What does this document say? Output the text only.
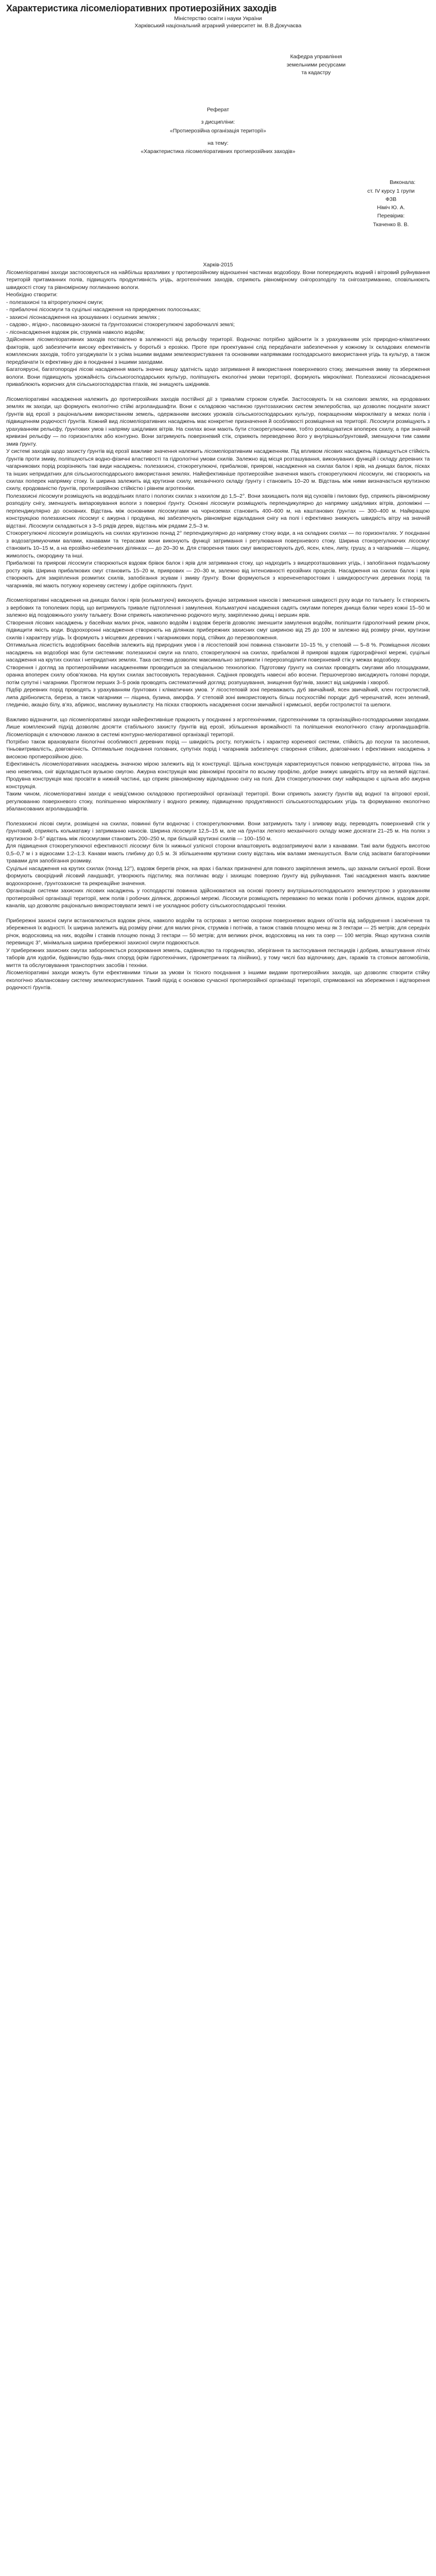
Характеристика лісомеліоративних протиерозійних заходів

Міністерство освіти і науки України

Харківський національний аграрний університет ім. В.В.Докучаєва

Кафедра управління
земельними ресурсами
та кадастру
Реферат
з дисципліни:
«Протиерозійна організація території»
на тему:
«Характеристика лісомеліоративних протиерозійних заходів»
Виконала:
ст. IV курсу 1 групи ФЗВ
Німіч Ю. А.
Перевірив:
Ткаченко В. В.

Харків-2015

Лісомеліоративні заходи застосовуються на найбільш вразливих у протиерозійному відношенні частинах водозбору. Вони попереджують водний і вітровий руйнування територій притаманних полів, підвищують продуктивність угідь, агротехнічних заходів, сприяють рівномірному снігорозподілу та снігозатриманню, сповільнюють швидкості стоку та рівномірному поглинанню вологи.

Необхідно створити:

- полезахисні та вітрорегулюючі смуги;
- прибалочні лісосмуги та суцільні насадження на приреджених полосоньках;
- захисні лісонасадження на зрошуваних і осушених землях ;
- садово-, ягідно-, пасовищно-захисні та ґрунтозахисні стокорегулюючі заробочкаллі землі;
- лісонасадження вздовж рік, струмків навколо водойм;

Здійснення лісомеліоративних заходів поставлено в залежності від рельєфу території. Водночас потрібно здійснити їх з урахуванням усіх природно-кліматичних факторів, щоб забезпечити високу ефективність у боротьбі з ерозією. Проте при проектуванні слід передбачати забезпечення у кожному їх складових елементів комплексних заходів, тобто узгоджувати їх з усіма іншими видами землекористування та основними напрямками господарського використання угідь та культур, а також передбачати їх ефективну дію в поєднанні з іншими заходами.

Багатоярусні, багатопородні лісові насадження мають значно вищу здатність щодо затримання й використання поверхневого стоку, зменшення змиву та збереження вологи. Вони підвищують урожайність сільськогосподарських культур, поліпшують екологічні умови території, формують мікроклімат. Полезахисні лісонасадження приваблюють корисних для сільськогосподарства птахів, які знищують шкідників.

Лісомеліоративні насадження належить до протиерозійних заходів постійної дії з тривалим строком служби. Застосовують їх на схилових землях, на еродованих землях як заходи, що формують екологічно стійкі агроландшафти. Вони є складовою частиною грунтозахисних систем землеробства, що дозволяє поєднати захист ґрунтів від ерозії з раціональним використанням земель, одержанням високих урожаїв сільськогосподарських культур, покращенням мікроклімату в межах полів і підвищенням родючості ґрунтів. Кожний вид лісомеліоративних насаджень має конкретне призначення й особливості розміщення на території. Лісосмуги розміщують з урахуванням рельєфу, ґрунтових умов і напряму шкідливих вітрів. На схилах вони мають бути стокорегулюючими, тобто розміщуватися впоперек схилу, а при значній кривизні рельєфу — по горизонталях або контурно. Вони затримують поверхневий стік, сприяють переведенню його у внутрішньоґрунтовий, зменшуючи тим самим змив ґрунту.

У системі заходів щодо захисту ґрунтів від ерозії важливе значення належить лісомеліоративним насадженням. Під впливом лісових насаджень підвищується стійкість ґрунтів проти змиву, поліпшуються водно-фізичні властивості та гідрологічні умови схилів. Залежно від місця розташування, виконуваних функцій і складу деревних та чагарникових порід розрізняють такі види насаджень: полезахисні, стокорегулюючі, прибалкові, приярові, насадження на схилах балок і ярів, на днищах балок, пісках та інших непридатних для сільськогосподарського використання землях. Найефективніше протиерозійне значення мають стокорегулюючі лісосмуги, які створюють на схилах поперек напрямку стоку. Їх ширина залежить від крутизни схилу, механічного складу ґрунту і становить 10–20 м. Відстань між ними визначається крутизною схилу, еродованістю ґрунтів, протиерозійною стійкістю і рівнем агротехніки.

Полезахисні лісосмуги розміщують на вододільних плато і пологих схилах з нахилом до 1,5–2°. Вони захищають поля від суховіїв і пилових бур, сприяють рівномірному розподілу снігу, зменшують випаровування вологи з поверхні ґрунту. Основні лісосмуги розміщують перпендикулярно до напрямку шкідливих вітрів, допоміжні — перпендикулярно до основних. Відстань між основними лісосмугами на чорноземах становить 400–600 м, на каштанових ґрунтах — 300–400 м. Найкращою конструкцією полезахисних лісосмуг є ажурна і продувна, які забезпечують рівномірне відкладання снігу на полі і ефективно знижують швидкість вітру на значній відстані. Лісосмуги складаються з 3–5 рядів дерев, відстань між рядами 2,5–3 м.

Стокорегулюючі лісосмуги розміщують на схилах крутизною понад 2° перпендикулярно до напрямку стоку води, а на складних схилах — по горизонталях. У поєднанні з водозатримуючими валами, канавами та терасами вони виконують функції затримання і регулювання поверхневого стоку. Ширина стокорегулюючих лісосмуг становить 10–15 м, а на ерозійно-небезпечних ділянках — до 20–30 м. Для створення таких смуг використовують дуб, ясен, клен, липу, грушу, а з чагарників — ліщину, жимолость, смородину та інші.

Прибалкові та приярові лісосмуги створюються вздовж брівок балок і ярів для затримання стоку, що надходить з вищерозташованих угідь, і запобігання подальшому росту ярів. Ширина прибалкових смуг становить 15–20 м, приярових — 20–30 м, залежно від інтенсивності ерозійних процесів. Насадження на схилах балок і ярів створюють для закріплення розмитих схилів, запобігання зсувам і змиву ґрунту. Вони формуються з корененепаростових і швидкоростучих деревних порід та чагарників, які мають потужну кореневу систему і добре скріплюють ґрунт.

Лісомеліоративні насадження на днищах балок і ярів (кольматуючі) виконують функцію затримання наносів і зменшення швидкості руху води по тальвегу. Їх створюють з вербових та тополевих порід, що витримують тривале підтоплення і замулення. Кольматуючі насадження садять смугами поперек днища балки через кожні 15–50 м залежно від поздовжнього ухилу тальвегу. Вони сприяють накопиченню родючого мулу, закріпленню днищ і вершин ярів.

Створення лісових насаджень у басейнах малих річок, навколо водойм і вздовж берегів дозволяє зменшити замулення водойм, поліпшити гідрологічний режим річок, підвищити якість води. Водоохоронні насадження створюють на ділянках прибережних захисних смуг шириною від 25 до 100 м залежно від розміру річки, крутизни схилів і характеру угідь. Їх формують з місцевих деревних і чагарникових порід, стійких до перезволоження.

Оптимальна лісистість водозбірних басейнів залежить від природних умов і в лісостеповій зоні повинна становити 10–15 %, у степовій — 5–8 %. Розміщення лісових насаджень на водозборі має бути системним: полезахисні смуги на плато, стокорегулюючі на схилах, прибалкові й приярові вздовж гідрографічної мережі, суцільні насадження на крутих схилах і непридатних землях. Така система дозволяє максимально затримати і перерозподілити поверхневий стік у межах водозбору.

Створення і догляд за протиерозійними насадженнями проводиться за спеціальною технологією. Підготовку ґрунту на схилах проводять смугами або площадками, оранка впоперек схилу обов’язкова. На крутих схилах застосовують терасування. Садіння проводять навесні або восени. Першочергово висаджують головні породи, потім супутні і чагарники. Протягом перших 3–5 років проводять систематичний догляд: розпушування, знищення бур’янів, захист від шкідників і хвороб.

Підбір деревних порід проводять з урахуванням ґрунтових і кліматичних умов. У лісостеповій зоні переважають дуб звичайний, ясен звичайний, клен гостролистий, липа дрібнолиста, береза, а також чагарники — ліщина, бузина, аморфа. У степовій зоні використовують більш посухостійкі породи: дуб черешчатий, ясен зелений, гледичію, акацію білу, в’яз, абрикос, маслинку вузьколисту. На пісках створюють насадження сосни звичайної і кримської, верби гостролистої та шелюги.

Важливо відзначити, що лісомеліоративні заходи найефективніше працюють у поєднанні з агротехнічними, гідротехнічними та організаційно-господарськими заходами. Лише комплексний підхід дозволяє досягти стабільного захисту ґрунтів від ерозії, збільшення врожайності та поліпшення екологічного стану агроландшафтів. Лісомеліорація є ключовою ланкою в системі контурно-меліоративної організації території.

Потрібно також враховувати біологічні особливості деревних порід — швидкість росту, потужність і характер кореневої системи, стійкість до посухи та засолення, тіньовитривалість, довговічність. Оптимальне поєднання головних, супутніх порід і чагарників забезпечує створення стійких, довговічних і ефективних насаджень з високою протиерозійною дією.

Ефективність лісомеліоративних насаджень значною мірою залежить від їх конструкції. Щільна конструкція характеризується повною непродувністю, вітрова тінь за нею невелика, сніг відкладається вузькою смугою. Ажурна конструкція має рівномірні просвіти по всьому профілю, добре знижує швидкість вітру на великій відстані. Продувна конструкція має просвіти в нижній частині, що сприяє рівномірному відкладанню снігу на полі. Для стокорегулюючих смуг найкращою є щільна або ажурна конструкція.

Таким чином, лісомеліоративні заходи є невід’ємною складовою протиерозійної організації території. Вони сприяють захисту ґрунтів від водної та вітрової ерозії, регулюванню поверхневого стоку, поліпшенню мікроклімату і водного режиму, підвищенню продуктивності сільськогосподарських угідь та формуванню екологічно збалансованих агроландшафтів.

Полезахисні лісові смуги, розміщені на схилах, повинні бути водночас і стокорегулюючими. Вони затримують талу і зливову воду, переводять поверхневий стік у ґрунтовий, сприяють кольматажу і затриманню наносів. Ширина лісосмуги 12,5–15 м, але на ґрунтах легкого механічного складу може досягати 21–25 м. На полях з крутизною 3–5° відстань між лісосмугами становить 200–250 м, при більшій крутизні схилів — 100–150 м.

Для підвищення стокорегулюючої ефективності лісосмуг біля їх нижньої узлісної сторони влаштовують водозатримуючі вали з канавами. Такі вали будують висотою 0,5–0,7 м і з відкосами 1:2–1:3. Канави мають глибину до 0,5 м. Зі збільшенням крутизни схилу відстань між валами зменшується. Вали слід засівати багаторічними травами для запобігання розмиву.

Суцільні насадження на крутих схилах (понад 12°), вздовж берегів річок, на ярах і балках призначені для повного закріплення земель, що зазнали сильної ерозії. Вони формують своєрідний лісовий ландшафт, утворюють підстилку, яка поглинає воду і захищає поверхню ґрунту від руйнування. Такі насадження мають важливе водоохоронне, ґрунтозахисне та рекреаційне значення.

Організація системи захисних лісових насаджень у господарстві повинна здійснюватися на основі проекту внутрішньогосподарського землеустрою з урахуванням протиерозійної організації території, меж полів і робочих ділянок, дорожньої мережі. Лісосмуги розміщують переважно по межах полів і робочих ділянок, вздовж доріг, каналів, що дозволяє раціонально використовувати землі і не ускладнює роботу сільськогосподарської техніки.

Прибережні захисні смуги встановлюються вздовж річок, навколо водойм та островах з метою охорони поверхневих водних об’єктів від забруднення і засмічення та збереження їх водності. Їх ширина залежить від розміру річки: для малих річок, струмків і потічків, а також ставків площею менш як 3 гектари — 25 метрів; для середніх річок, водосховищ на них, водойм і ставків площею понад 3 гектари — 50 метрів; для великих річок, водосховищ на них та озер — 100 метрів. Якщо крутизна схилів перевищує 3°, мінімальна ширина прибережної захисної смуги подвоюється.

У прибережних захисних смугах забороняється розорювання земель, садівництво та городництво, зберігання та застосування пестицидів і добрив, влаштування літніх таборів для худоби, будівництво будь-яких споруд (крім гідротехнічних, гідрометричних та лінійних), у тому числі баз відпочинку, дач, гаражів та стоянок автомобілів, миття та обслуговування транспортних засобів і техніки.

Лісомеліоративні заходи можуть бути ефективними тільки за умови їх тісного поєднання з іншими видами протиерозійних заходів, що дозволяє створити стійку екологічно збалансовану систему землекористування. Такий підхід є основою сучасної протиерозійної організації території, спрямованої на збереження і відтворення родючості ґрунтів.
